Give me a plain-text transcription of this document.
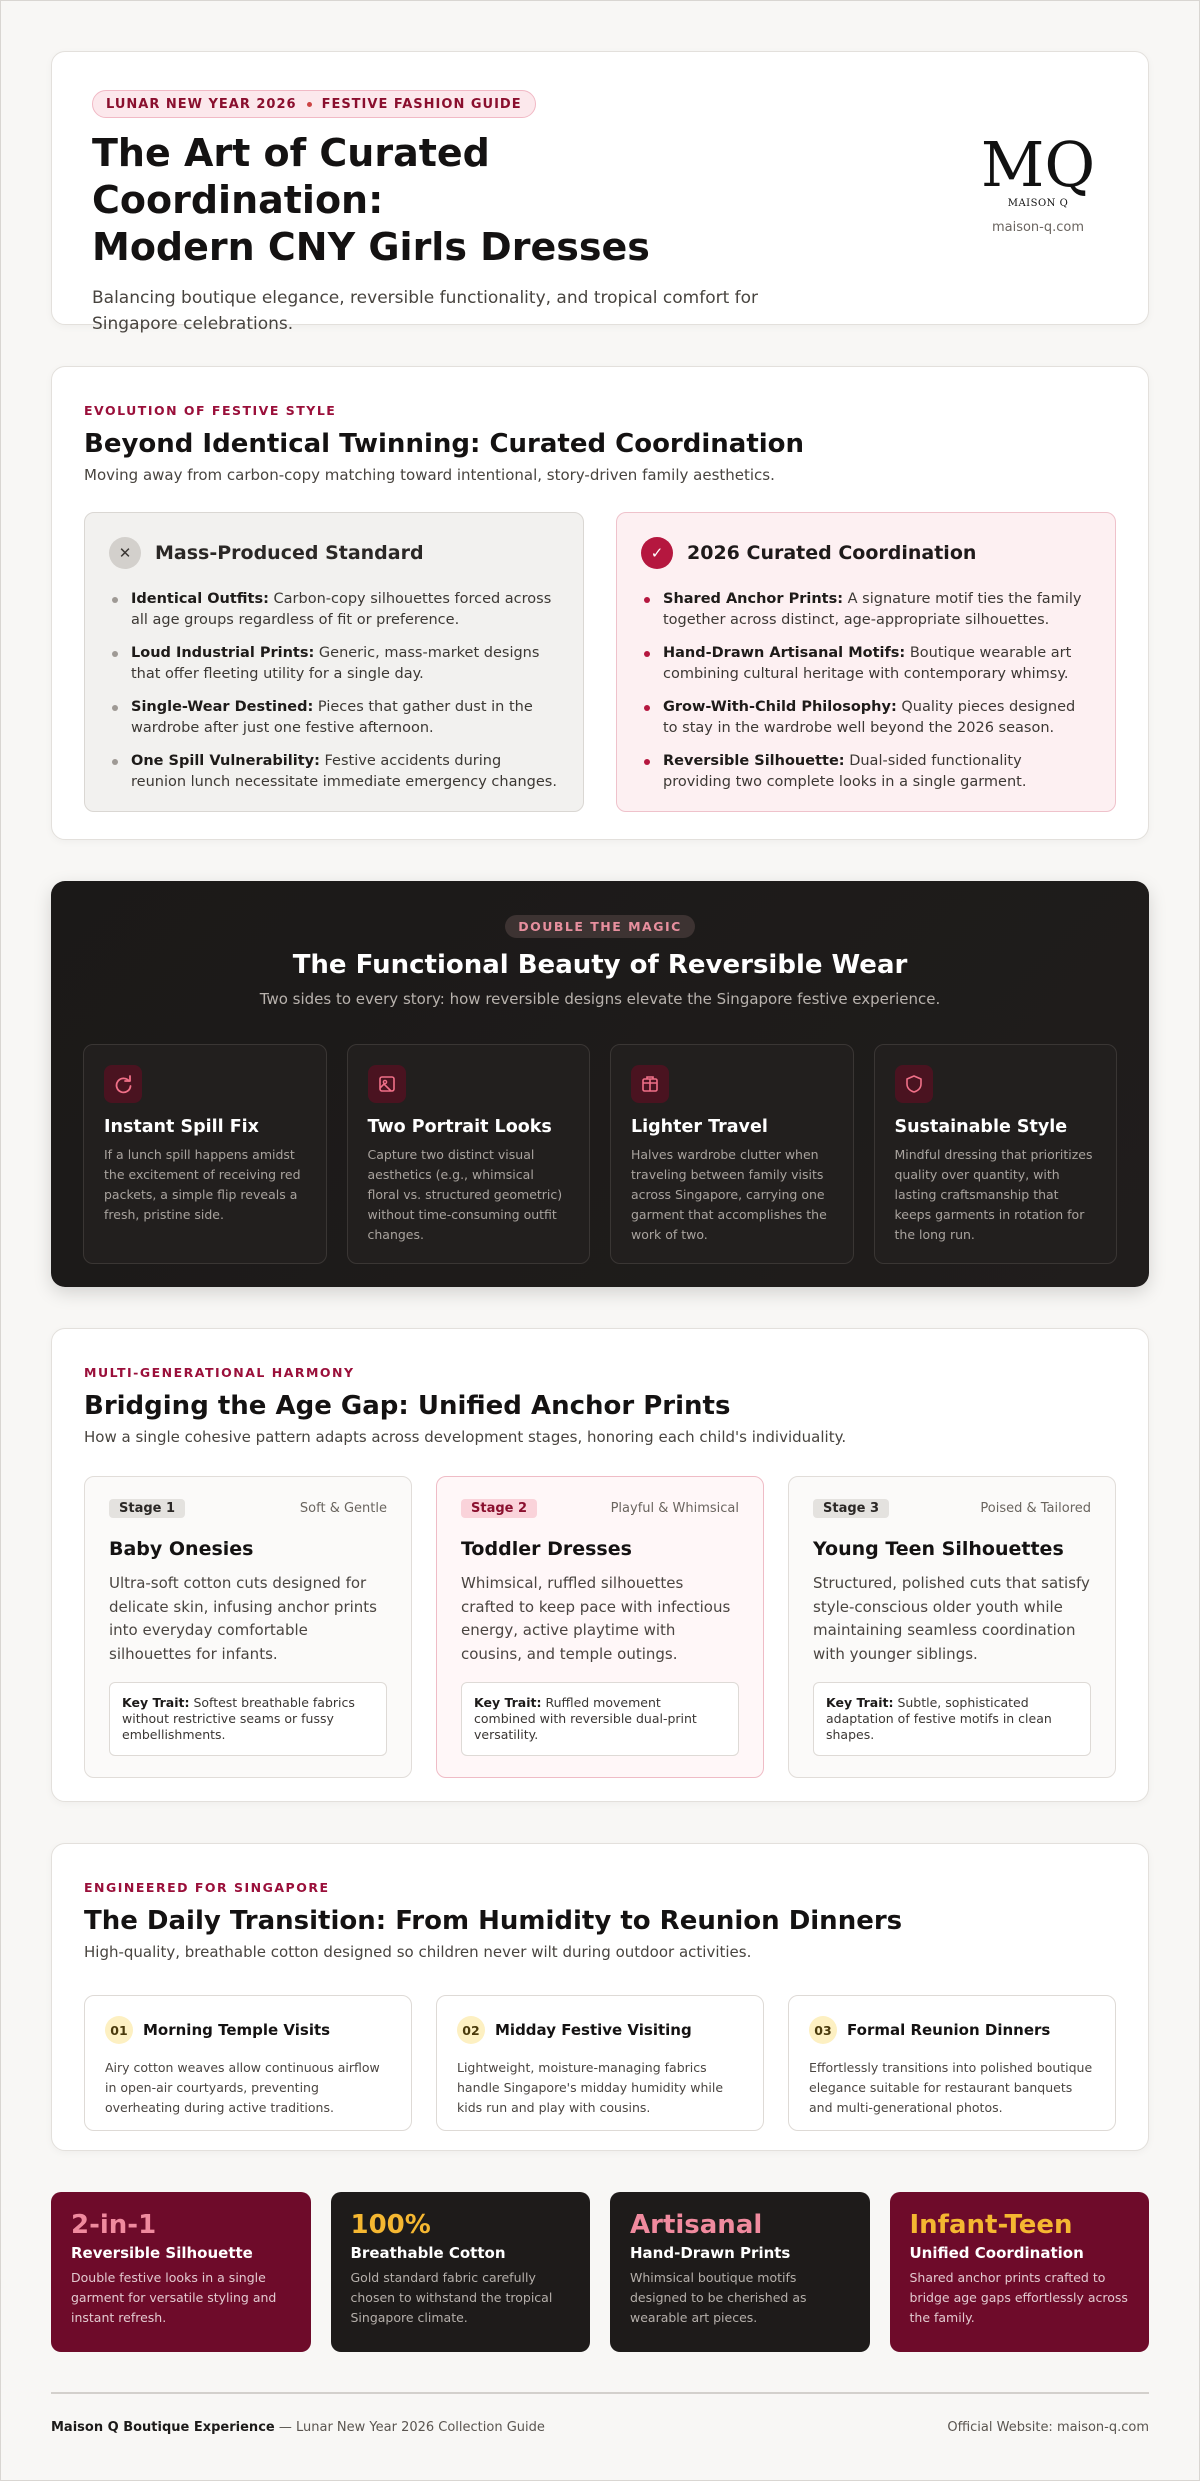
LUNAR NEW YEAR 2026 FESTIVE FASHION GUIDE
The Art of Curated Coordination:
Modern CNY Girls Dresses

Balancing boutique elegance, reversible functionality, and tropical comfort for Singapore celebrations.

MQ
MAISON Q
maison-q.com
EVOLUTION OF FESTIVE STYLE
Beyond Identical Twinning: Curated Coordination

Moving away from carbon-copy matching toward intentional, story-driven family aesthetics.

✕	Mass-Produced Standard
Identical Outfits: Carbon-copy silhouettes forced across all age groups regardless of fit or preference.
Loud Industrial Prints: Generic, mass-market designs that offer fleeting utility for a single day.
Single-Wear Destined: Pieces that gather dust in the wardrobe after just one festive afternoon.
One Spill Vulnerability: Festive accidents during reunion lunch necessitate immediate emergency changes.
✓	2026 Curated Coordination
Shared Anchor Prints: A signature motif ties the family together across distinct, age-appropriate silhouettes.
Hand-Drawn Artisanal Motifs: Boutique wearable art combining cultural heritage with contemporary whimsy.
Grow-With-Child Philosophy: Quality pieces designed to stay in the wardrobe well beyond the 2026 season.
Reversible Silhouette: Dual-sided functionality providing two complete looks in a single garment.
DOUBLE THE MAGIC
The Functional Beauty of Reversible Wear

Two sides to every story: how reversible designs elevate the Singapore festive experience.

Instant Spill Fix
If a lunch spill happens amidst the excitement of receiving red packets, a simple flip reveals a fresh, pristine side.
Two Portrait Looks
Capture two distinct visual aesthetics (e.g., whimsical floral vs. structured geometric) without time-consuming outfit changes.
Lighter Travel
Halves wardrobe clutter when traveling between family visits across Singapore, carrying one garment that accomplishes the work of two.
Sustainable Style
Mindful dressing that prioritizes quality over quantity, with lasting craftsmanship that keeps garments in rotation for the long run.
MULTI-GENERATIONAL HARMONY
Bridging the Age Gap: Unified Anchor Prints

How a single cohesive pattern adapts across development stages, honoring each child's individuality.

Stage 1	Soft & Gentle
Baby Onesies
Ultra-soft cotton cuts designed for delicate skin, infusing anchor prints into everyday comfortable silhouettes for infants.
Key Trait: Softest breathable fabrics without restrictive seams or fussy embellishments.
Stage 2	Playful & Whimsical
Toddler Dresses
Whimsical, ruffled silhouettes crafted to keep pace with infectious energy, active playtime with cousins, and temple outings.
Key Trait: Ruffled movement combined with reversible dual-print versatility.
Stage 3	Poised & Tailored
Young Teen Silhouettes
Structured, polished cuts that satisfy style-conscious older youth while maintaining seamless coordination with younger siblings.
Key Trait: Subtle, sophisticated adaptation of festive motifs in clean shapes.
ENGINEERED FOR SINGAPORE
The Daily Transition: From Humidity to Reunion Dinners

High-quality, breathable cotton designed so children never wilt during outdoor activities.

01	Morning Temple Visits
Airy cotton weaves allow continuous airflow in open-air courtyards, preventing overheating during active traditions.
02	Midday Festive Visiting
Lightweight, moisture-managing fabrics handle Singapore's midday humidity while kids run and play with cousins.
03	Formal Reunion Dinners
Effortlessly transitions into polished boutique elegance suitable for restaurant banquets and multi-generational photos.
2-in-1
Reversible Silhouette
Double festive looks in a single garment for versatile styling and instant refresh.
100%
Breathable Cotton
Gold standard fabric carefully chosen to withstand the tropical Singapore climate.
Artisanal
Hand-Drawn Prints
Whimsical boutique motifs designed to be cherished as wearable art pieces.
Infant-Teen
Unified Coordination
Shared anchor prints crafted to bridge age gaps effortlessly across the family.
Maison Q Boutique Experience — Lunar New Year 2026 Collection Guide	Official Website: maison-q.com
